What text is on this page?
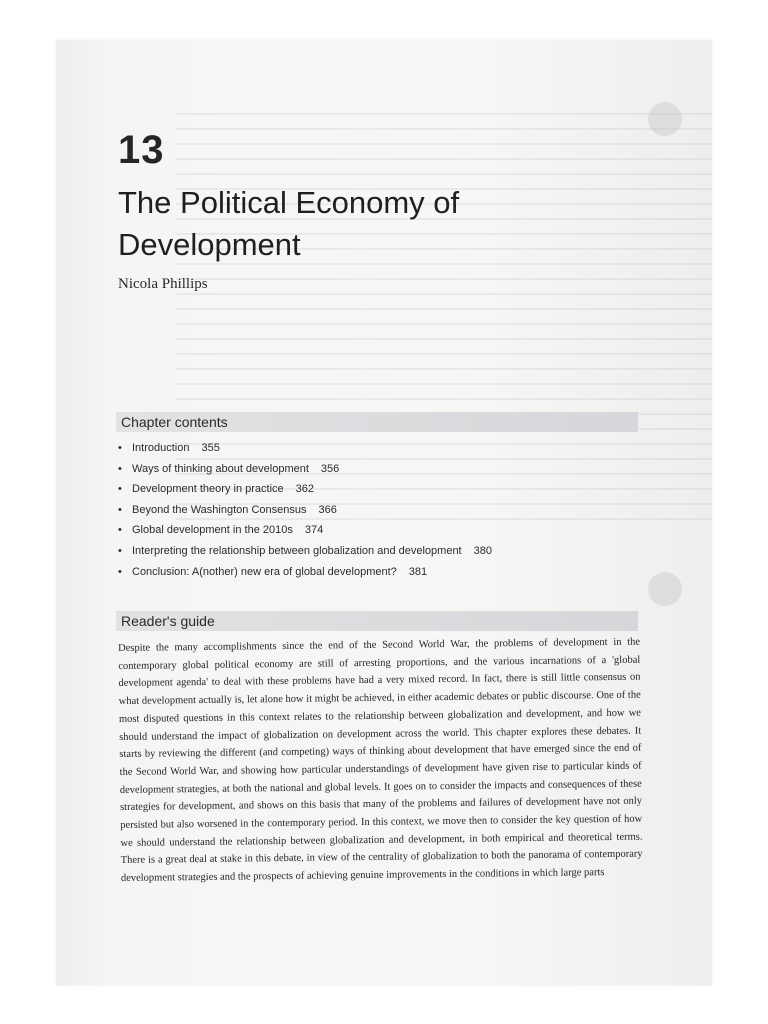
13
The Political Economy of Development
Nicola Phillips
Chapter contents
• Introduction 355
• Ways of thinking about development 356
• Development theory in practice 362
• Beyond the Washington Consensus 366
• Global development in the 2010s 374
• Interpreting the relationship between globalization and development 380
• Conclusion: A(nother) new era of global development? 381
Reader's guide

Despite the many accomplishments since the end of the Second World War, the problems of development in the contemporary global political economy are still of arresting proportions, and the various incarnations of a 'global development agenda' to deal with these problems have had a very mixed record. In fact, there is still little consensus on what development actually is, let alone how it might be achieved, in either academic debates or public discourse. One of the most disputed questions in this context relates to the relationship between globalization and development, and how we should understand the impact of globalization on development across the world. This chapter explores these debates. It starts by reviewing the different (and competing) ways of thinking about development that have emerged since the end of the Second World War, and showing how particular understandings of development have given rise to particular kinds of development strategies, at both the national and global levels. It goes on to consider the impacts and consequences of these strategies for development, and shows on this basis that many of the problems and failures of development have not only persisted but also worsened in the contemporary period. In this context, we move then to consider the key question of how we should understand the relationship between globalization and development, in both empirical and theoretical terms. There is a great deal at stake in this debate, in view of the centrality of globalization to both the panorama of contemporary development strategies and the prospects of achieving genuine improvements in the conditions in which large parts
